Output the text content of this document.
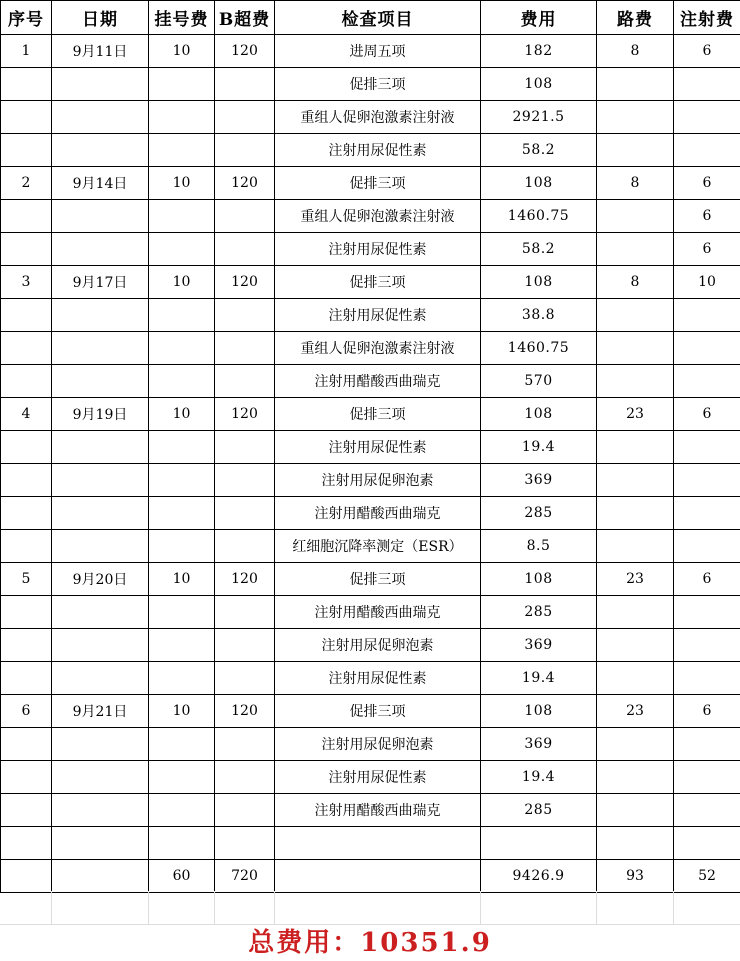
序号	日期	挂号费	B超费	检查项目	费用	路费	注射费
1	9月11日	10	120	进周五项	182	8	6
				促排三项	108		
				重组人促卵泡激素注射液	2921.5		
				注射用尿促性素	58.2		
2	9月14日	10	120	促排三项	108	8	6
				重组人促卵泡激素注射液	1460.75		6
				注射用尿促性素	58.2		6
3	9月17日	10	120	促排三项	108	8	10
				注射用尿促性素	38.8		
				重组人促卵泡激素注射液	1460.75		
				注射用醋酸西曲瑞克	570		
4	9月19日	10	120	促排三项	108	23	6
				注射用尿促性素	19.4		
				注射用尿促卵泡素	369		
				注射用醋酸西曲瑞克	285		
				红细胞沉降率测定（ESR）	8.5		
5	9月20日	10	120	促排三项	108	23	6
				注射用醋酸西曲瑞克	285		
				注射用尿促卵泡素	369		
				注射用尿促性素	19.4		
6	9月21日	10	120	促排三项	108	23	6
				注射用尿促卵泡素	369		
				注射用尿促性素	19.4		
				注射用醋酸西曲瑞克	285		

		60	720		9426.9	93	52
总费用：10351.9
